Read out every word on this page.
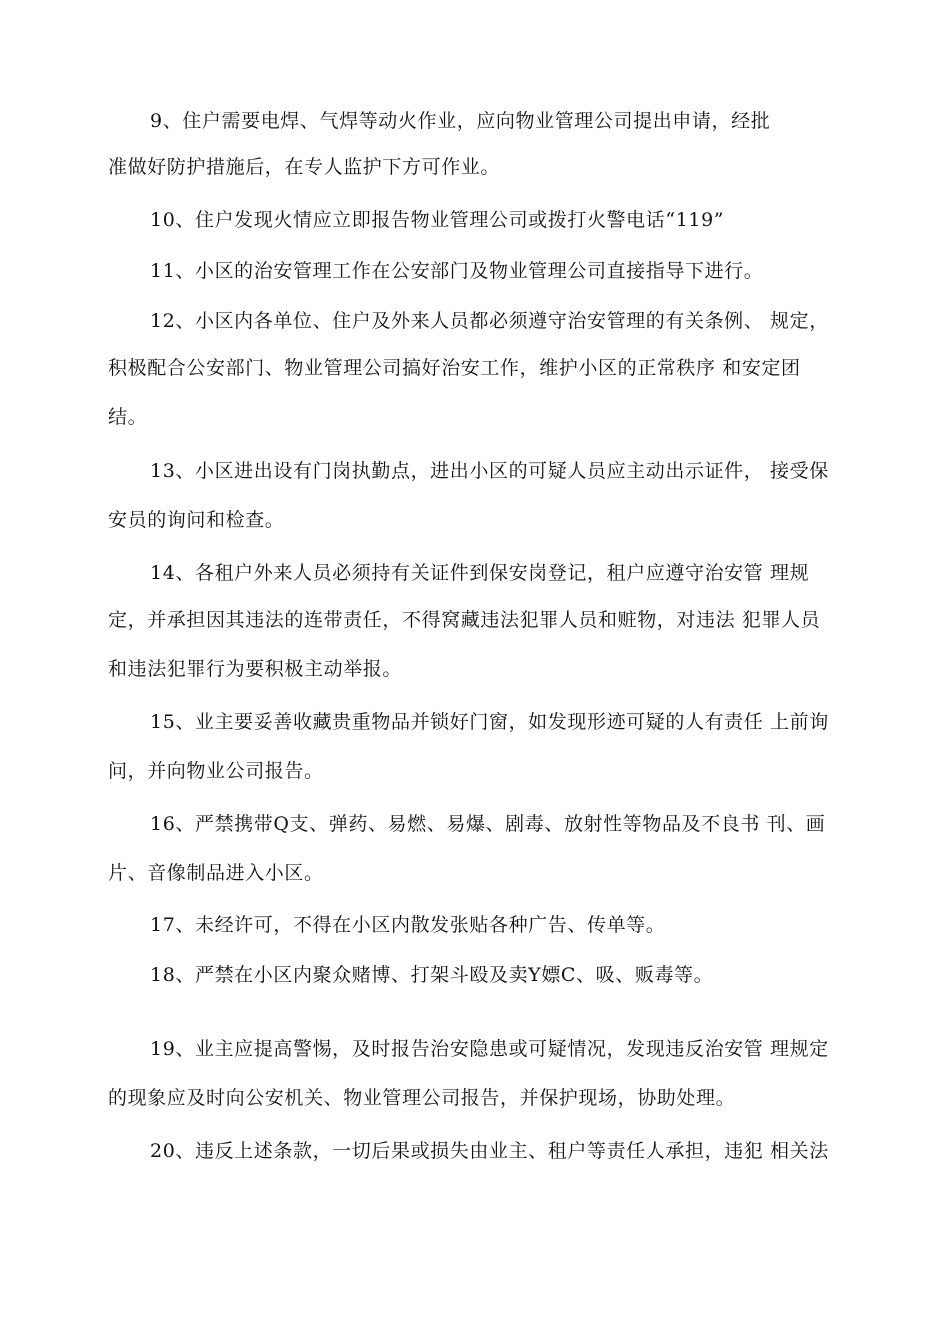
9、住户需要电焊、气焊等动火作业，应向物业管理公司提出申请，经批
准做好防护措施后，在专人监护下方可作业。
10、住户发现火情应立即报告物业管理公司或拨打火警电话“119”
11、小区的治安管理工作在公安部门及物业管理公司直接指导下进行。
12、小区内各单位、住户及外来人员都必须遵守治安管理的有关条例、 规定，
积极配合公安部门、物业管理公司搞好治安工作，维护小区的正常秩序 和安定团
结。
13、小区进出设有门岗执勤点，进出小区的可疑人员应主动出示证件， 接受保
安员的询问和检查。
14、各租户外来人员必须持有关证件到保安岗登记，租户应遵守治安管 理规
定，并承担因其违法的连带责任，不得窝藏违法犯罪人员和赃物，对违法 犯罪人员
和违法犯罪行为要积极主动举报。
15、业主要妥善收藏贵重物品并锁好门窗，如发现形迹可疑的人有责任 上前询
问，并向物业公司报告。
16、严禁携带Q支、弹药、易燃、易爆、剧毒、放射性等物品及不良书 刊、画
片、音像制品进入小区。
17、未经许可，不得在小区内散发张贴各种广告、传单等。
18、严禁在小区内聚众赌博、打架斗殴及卖Y嫖C、吸、贩毒等。
19、业主应提高警惕，及时报告治安隐患或可疑情况，发现违反治安管 理规定
的现象应及时向公安机关、物业管理公司报告，并保护现场，协助处理。
20、违反上述条款，一切后果或损失由业主、租户等责任人承担，违犯 相关法
